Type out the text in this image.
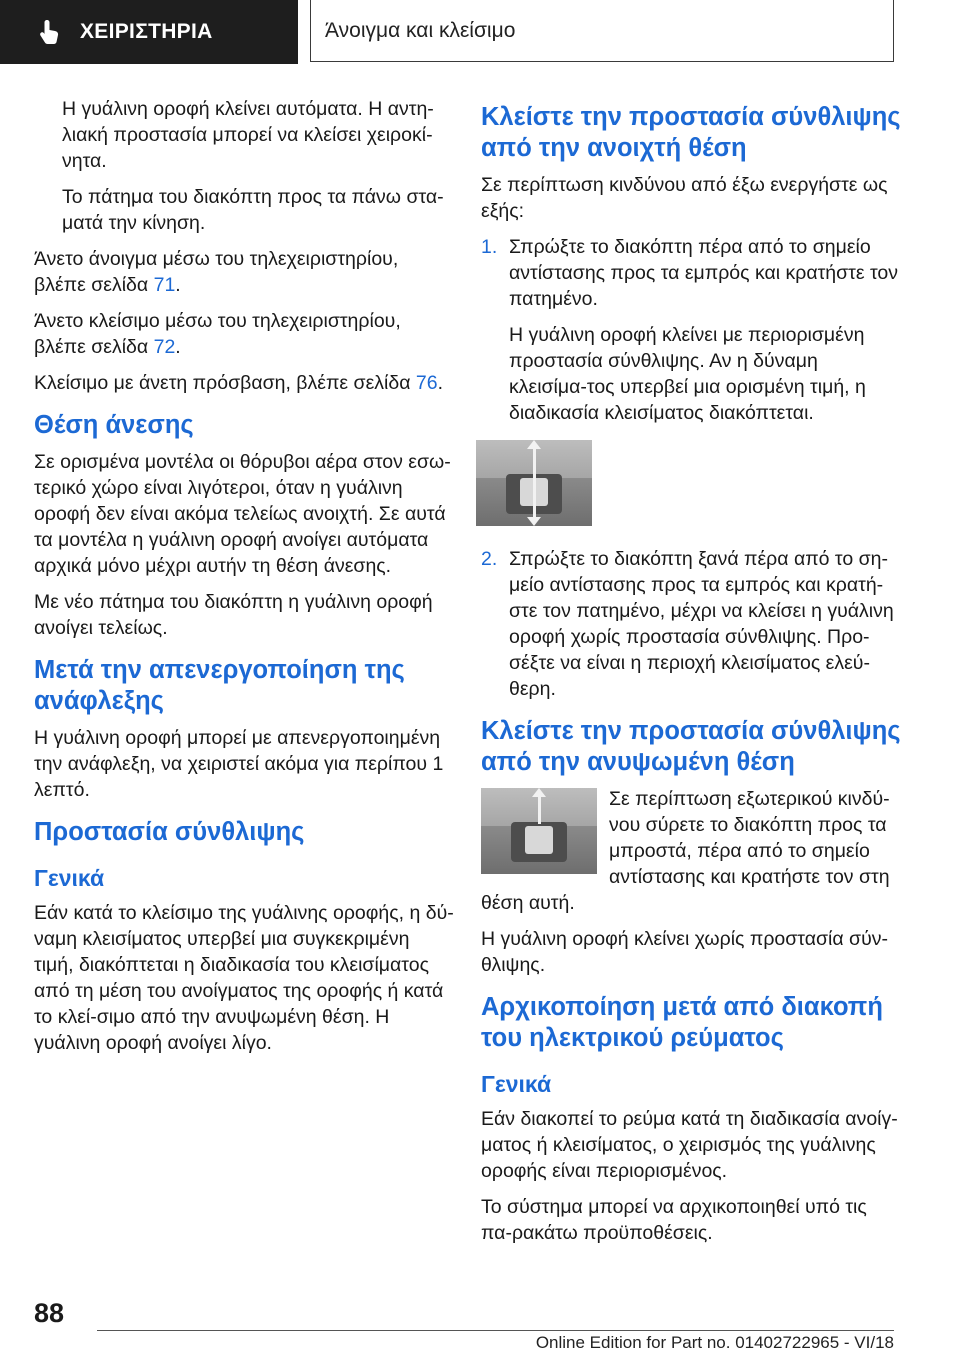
ΧΕΙΡΙΣΤΗΡΙΑ	Άνοιγμα και κλείσιμο

Η γυάλινη οροφή κλείνει αυτόματα. Η αντη-λιακή προστασία μπορεί να κλείσει χειροκί-νητα.

Το πάτημα του διακόπτη προς τα πάνω στα-ματά την κίνηση.

Άνετο άνοιγμα μέσω του τηλεχειριστηρίου, βλέπε σελίδα 71.

Άνετο κλείσιμο μέσω του τηλεχειριστηρίου, βλέπε σελίδα 72.

Κλείσιμο με άνετη πρόσβαση, βλέπε σελίδα 76.

Θέση άνεσης

Σε ορισμένα μοντέλα οι θόρυβοι αέρα στον εσω-τερικό χώρο είναι λιγότεροι, όταν η γυάλινη οροφή δεν είναι ακόμα τελείως ανοιχτή. Σε αυτά τα μοντέλα η γυάλινη οροφή ανοίγει αυτόματα αρχικά μόνο μέχρι αυτήν τη θέση άνεσης.

Με νέο πάτημα του διακόπτη η γυάλινη οροφή ανοίγει τελείως.

Μετά την απενεργοποίηση της ανάφλεξης

Η γυάλινη οροφή μπορεί με απενεργοποιημένη την ανάφλεξη, να χειριστεί ακόμα για περίπου 1 λεπτό.

Προστασία σύνθλιψης
Γενικά

Εάν κατά το κλείσιμο της γυάλινης οροφής, η δύ-ναμη κλεισίματος υπερβεί μια συγκεκριμένη τιμή, διακόπτεται η διαδικασία του κλεισίματος από τη μέση του ανοίγματος της οροφής ή κατά το κλεί-σιμο από την ανυψωμένη θέση. Η γυάλινη οροφή ανοίγει λίγο.

Κλείστε την προστασία σύνθλιψης από την ανοιχτή θέση

Σε περίπτωση κινδύνου από έξω ενεργήστε ως εξής:

1. Σπρώξτε το διακόπτη πέρα από το σημείο αντίστασης προς τα εμπρός και κρατήστε τον πατημένο.

Η γυάλινη οροφή κλείνει με περιορισμένη προστασία σύνθλιψης. Αν η δύναμη κλεισίμα-τος υπερβεί μια ορισμένη τιμή, η διαδικασία κλεισίματος διακόπτεται.

2. Σπρώξτε το διακόπτη ξανά πέρα από το ση-μείο αντίστασης προς τα εμπρός και κρατή-στε τον πατημένο, μέχρι να κλείσει η γυάλινη οροφή χωρίς προστασία σύνθλιψης. Προ-σέξτε να είναι η περιοχή κλεισίματος ελεύ-θερη.

Κλείστε την προστασία σύνθλιψης από την ανυψωμένη θέση

Σε περίπτωση εξωτερικού κινδύ-νου σύρετε το διακόπτη προς τα μπροστά, πέρα από το σημείο αντίστασης και κρατήστε τον στη θέση αυτή.

Η γυάλινη οροφή κλείνει χωρίς προστασία σύν-θλιψης.

Αρχικοποίηση μετά από διακοπή του ηλεκτρικού ρεύματος
Γενικά

Εάν διακοπεί το ρεύμα κατά τη διαδικασία ανοίγ-ματος ή κλεισίματος, ο χειρισμός της γυάλινης οροφής είναι περιορισμένος.

Το σύστημα μπορεί να αρχικοποιηθεί υπό τις πα-ρακάτω προϋποθέσεις.

88
Online Edition for Part no. 01402722965 - VI/18
